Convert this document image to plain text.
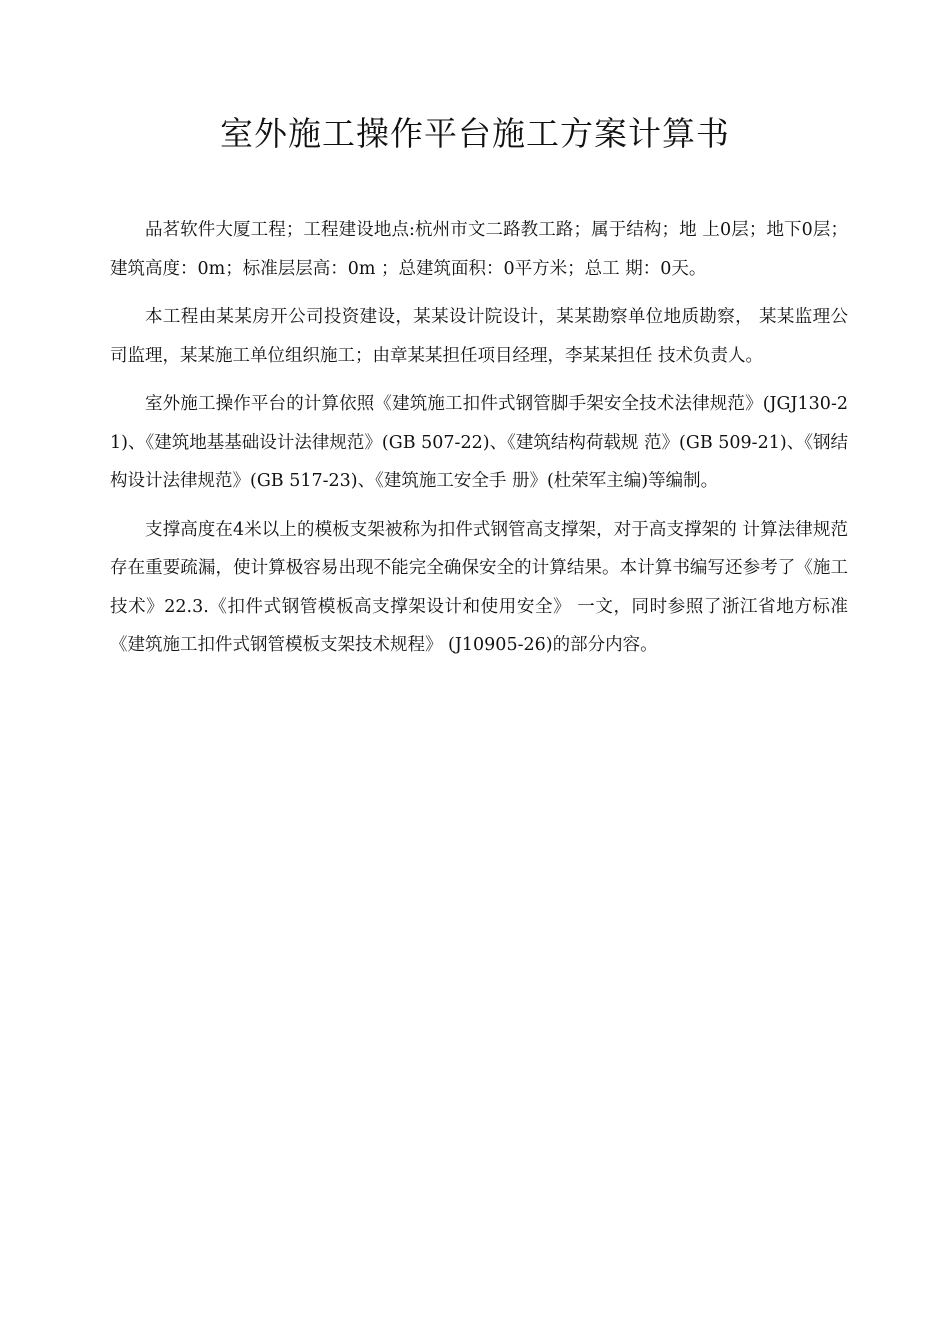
室外施工操作平台施工方案计算书

品茗软件大厦工程；工程建设地点:杭州市文二路教工路；属于结构；地 上0层；地下0层；建筑高度：0m；标准层层高：0m ；总建筑面积：0平方米；总工 期：0天。

本工程由某某房开公司投资建设，某某设计院设计，某某勘察单位地质勘察， 某某监理公司监理，某某施工单位组织施工；由章某某担任项目经理，李某某担任 技术负责人。

室外施工操作平台的计算依照《建筑施工扣件式钢管脚手架安全技术法律规范》(JGJ130-21)、《建筑地基基础设计法律规范》(GB 507-22)、《建筑结构荷载规 范》(GB 509-21)、《钢结构设计法律规范》(GB 517-23)、《建筑施工安全手 册》(杜荣军主编)等编制。

支撑高度在4米以上的模板支架被称为扣件式钢管高支撑架，对于高支撑架的 计算法律规范存在重要疏漏，使计算极容易出现不能完全确保安全的计算结果。本计算书编写还参考了《施工技术》22.3.《扣件式钢管模板高支撑架设计和使用安全》 一文，同时参照了浙江省地方标准《建筑施工扣件式钢管模板支架技术规程》 (J10905-26)的部分内容。
